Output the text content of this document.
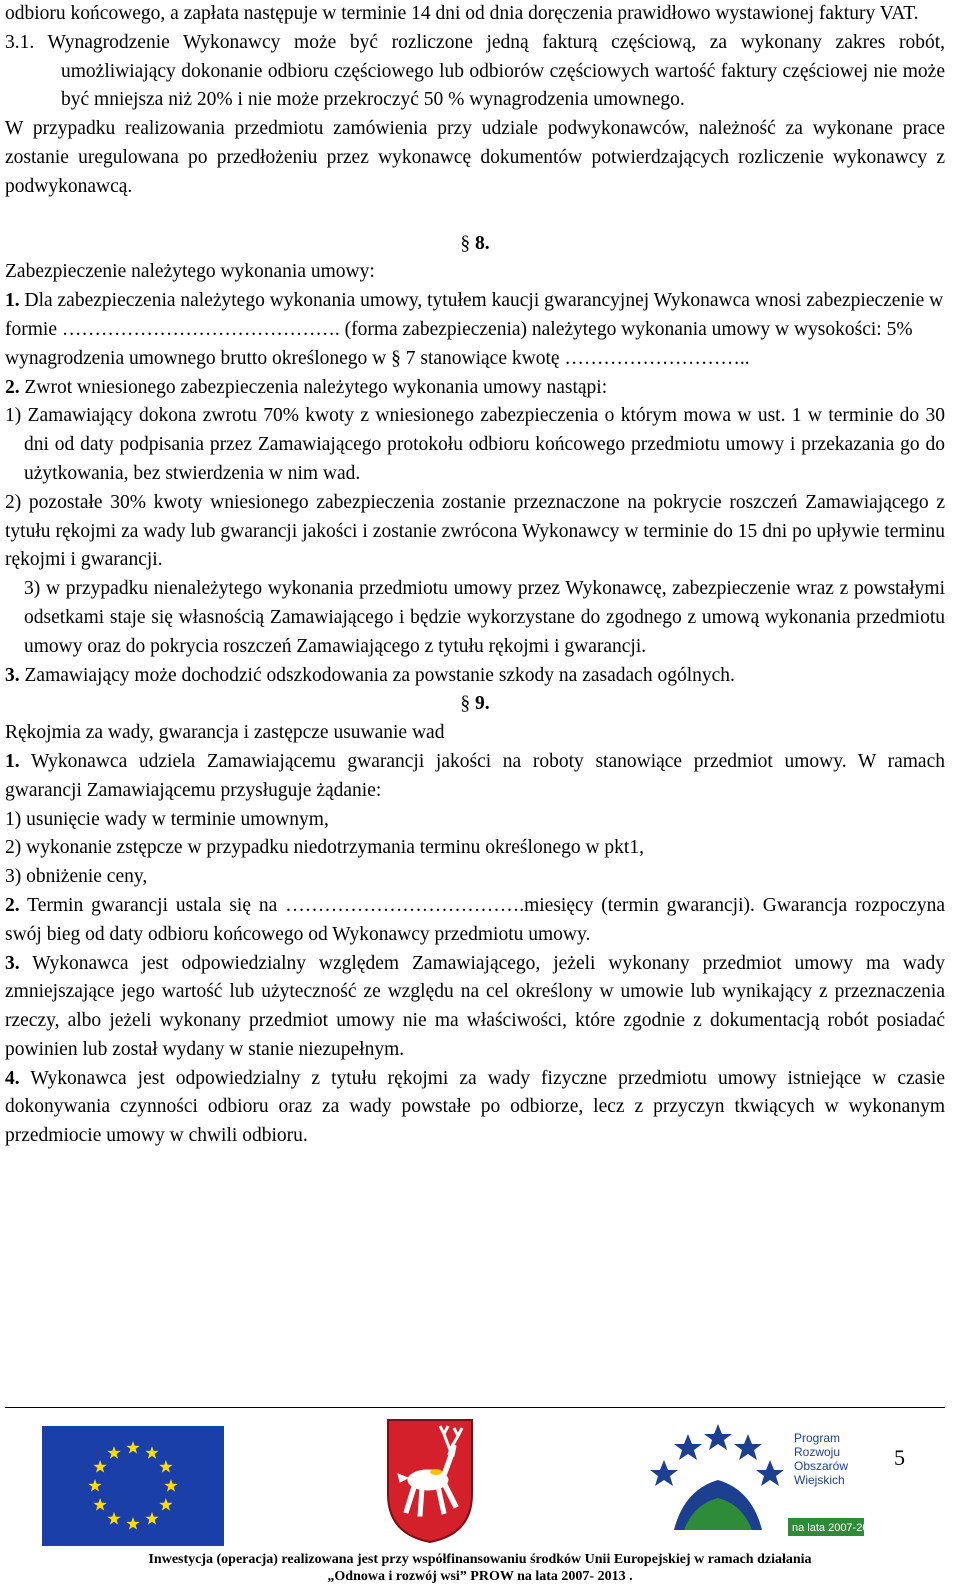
odbioru końcowego, a zapłata następuje w terminie 14 dni od dnia doręczenia prawidłowo wystawionej faktury VAT.

3.1. Wynagrodzenie Wykonawcy może być rozliczone jedną fakturą częściową, za wykonany zakres robót, umożliwiający dokonanie odbioru częściowego lub odbiorów częściowych wartość faktury częściowej nie może być mniejsza niż 20% i nie może przekroczyć 50 % wynagrodzenia umownego.

W przypadku realizowania przedmiotu zamówienia przy udziale podwykonawców, należność za wykonane prace zostanie uregulowana po przedłożeniu przez wykonawcę dokumentów potwierdzających rozliczenie wykonawcy z podwykonawcą.

§ 8.

Zabezpieczenie należytego wykonania umowy:

1. Dla zabezpieczenia należytego wykonania umowy, tytułem kaucji gwarancyjnej Wykonawca wnosi zabezpieczenie w formie ……………………………………. (forma zabezpieczenia) należytego wykonania umowy w wysokości: 5% wynagrodzenia umownego brutto określonego w § 7 stanowiące kwotę ………………………..

2. Zwrot wniesionego zabezpieczenia należytego wykonania umowy nastąpi:

1) Zamawiający dokona zwrotu 70% kwoty z wniesionego zabezpieczenia o którym mowa w ust. 1 w terminie do 30 dni od daty podpisania przez Zamawiającego protokołu odbioru końcowego przedmiotu umowy i przekazania go do użytkowania, bez stwierdzenia w nim wad.

2) pozostałe 30% kwoty wniesionego zabezpieczenia zostanie przeznaczone na pokrycie roszczeń Zamawiającego z tytułu rękojmi za wady lub gwarancji jakości i zostanie zwrócona Wykonawcy w terminie do 15 dni po upływie terminu rękojmi i gwarancji.

3) w przypadku nienależytego wykonania przedmiotu umowy przez Wykonawcę, zabezpieczenie wraz z powstałymi odsetkami staje się własnością Zamawiającego i będzie wykorzystane do zgodnego z umową wykonania przedmiotu umowy oraz do pokrycia roszczeń Zamawiającego z tytułu rękojmi i gwarancji.

3. Zamawiający może dochodzić odszkodowania za powstanie szkody na zasadach ogólnych.

§ 9.

Rękojmia za wady, gwarancja i zastępcze usuwanie wad

1. Wykonawca udziela Zamawiającemu gwarancji jakości na roboty stanowiące przedmiot umowy. W ramach gwarancji Zamawiającemu przysługuje żądanie:

1) usunięcie wady w terminie umownym,

2) wykonanie zstępcze w przypadku niedotrzymania terminu określonego w pkt1,

3) obniżenie ceny,

2. Termin gwarancji ustala się na ……………………………….miesięcy (termin gwarancji). Gwarancja rozpoczyna swój bieg od daty odbioru końcowego od Wykonawcy przedmiotu umowy.

3. Wykonawca jest odpowiedzialny względem Zamawiającego, jeżeli wykonany przedmiot umowy ma wady zmniejszające jego wartość lub użyteczność ze względu na cel określony w umowie lub wynikający z przeznaczenia rzeczy, albo jeżeli wykonany przedmiot umowy nie ma właściwości, które zgodnie z dokumentacją robót posiadać powinien lub został wydany w stanie niezupełnym.

4. Wykonawca jest odpowiedzialny z tytułu rękojmi za wady fizyczne przedmiotu umowy istniejące w czasie dokonywania czynności odbioru oraz za wady powstałe po odbiorze, lecz z przyczyn tkwiących w wykonanym przedmiocie umowy w chwili odbioru.

Program
Rozwoju
Obszarów
Wiejskich
na lata 2007-2013
5
Inwestycja (operacja) realizowana jest przy współfinansowaniu środków Unii Europejskiej w ramach działania
„Odnowa i rozwój wsi” PROW na lata 2007- 2013 .
